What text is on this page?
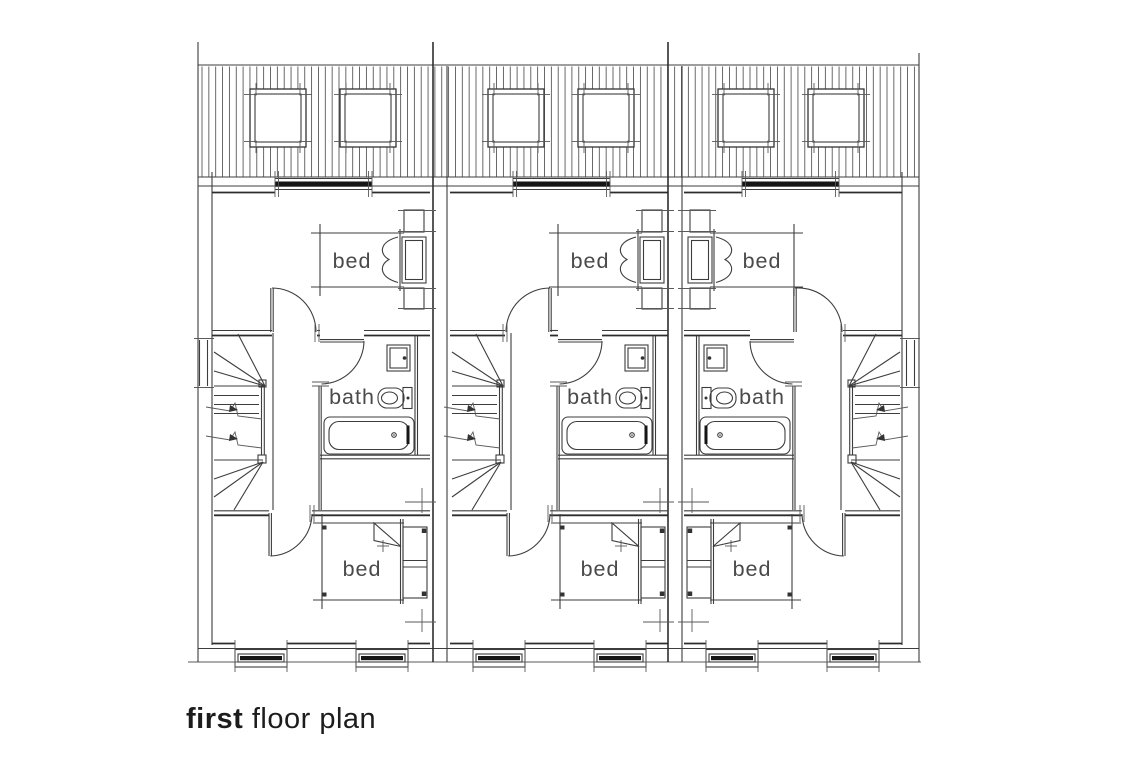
bed
bath
bed
bed
bath
bed
bed
bath
bed
first floor plan
